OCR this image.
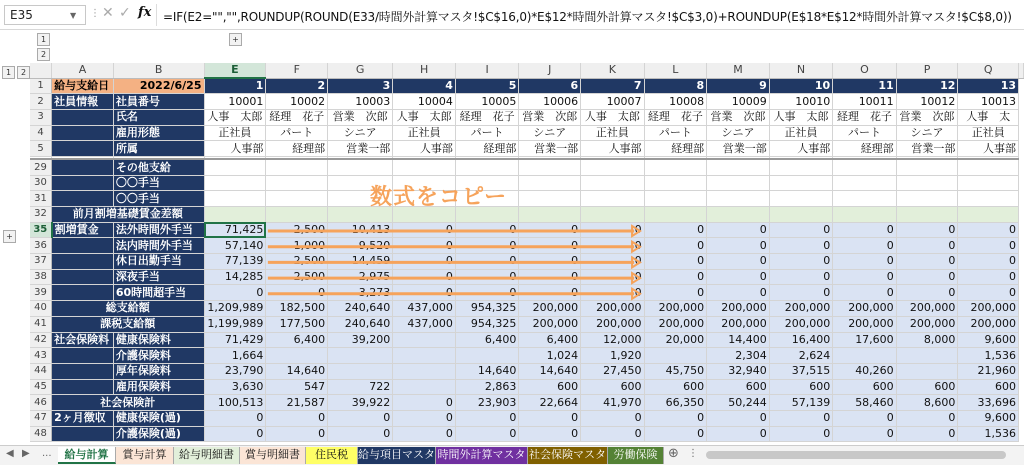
E35	▼ ⋮ ✕ ✓ fx =IF(E2="","",ROUNDUP(ROUND(E33/時間外計算マスタ!$C$16,0)*E$12*時間外計算マスタ!$C$3,0)+ROUNDUP(E$18*E$12*時間外計算マスタ!$C$8,0))
1
2
+
1	2
+
	A	B	E	F	G	H	I	J	K	L	M	N	O	P	Q	
1	給与支給日	2022/6/25	1	2	3	4	5	6	7	8	9	10	11	12	13	
2	社員情報	社員番号	10001	10002	10003	10004	10005	10006	10007	10008	10009	10010	10011	10012	10013	
3		氏名	人事　太郎	経理　花子	営業　次郎	人事　太郎	経理　花子	営業　次郎	人事　太郎	経理　花子	営業　次郎	人事　太郎	経理　花子	営業　次郎	人事　太	
4		雇用形態	正社員	パート	シニア	正社員	パート	シニア	正社員	パート	シニア	正社員	パート	シニア	正社員	
5		所属	人事部	経理部	営業一部	人事部	経理部	営業一部	人事部	経理部	営業一部	人事部	経理部	営業一部	人事部	

29		その他支給														
30		〇〇手当														
31		〇〇手当														
32	前月割増基礎賃金差額															
35	割増賃金	法外時間外手当	71,425	2,500	10,413	0	0	0	0	0	0	0	0	0	0	
36		法内時間外手当	57,140	1,000	9,520	0	0	0	0	0	0	0	0	0	0	
37		休日出勤手当	77,139	2,500	14,459	0	0	0	0	0	0	0	0	0	0	
38		深夜手当	14,285	2,500	2,975	0	0	0	0	0	0	0	0	0	0	
39		60時間超手当	0	0	3,273	0	0	0	0	0	0	0	0	0	0	
40	総支給額		1,209,989	182,500	240,640	437,000	954,325	200,000	200,000	200,000	200,000	200,000	200,000	200,000	200,000	
41	課税支給額		1,199,989	177,500	240,640	437,000	954,325	200,000	200,000	200,000	200,000	200,000	200,000	200,000	200,000	
42	社会保険料	健康保険料	71,429	6,400	39,200		6,400	6,400	12,000	20,000	14,400	16,400	17,600	8,000	9,600	
43		介護保険料	1,664					1,024	1,920		2,304	2,624			1,536	
44		厚年保険料	23,790	14,640			14,640	14,640	27,450	45,750	32,940	37,515	40,260		21,960	
45		雇用保険料	3,630	547	722		2,863	600	600	600	600	600	600	600	600	
46	社会保険計		100,513	21,587	39,922	0	23,903	22,664	41,970	66,350	50,244	57,139	58,460	8,600	33,696	
47	2ヶ月徴収	健康保険(過)	0	0	0	0	0	0	0	0	0	0	0	0	9,600	
48		介護保険(過)	0	0	0	0	0	0	0	0	0	0	0	0	1,536	
数式をコピー
◀ ▶ ...	給与計算	賞与計算	給与明細書	賞与明細書	住民税 給与項目マスタ 時間外計算マスタ 社会保険マスタ 労働保険 ⊕ ⋮
